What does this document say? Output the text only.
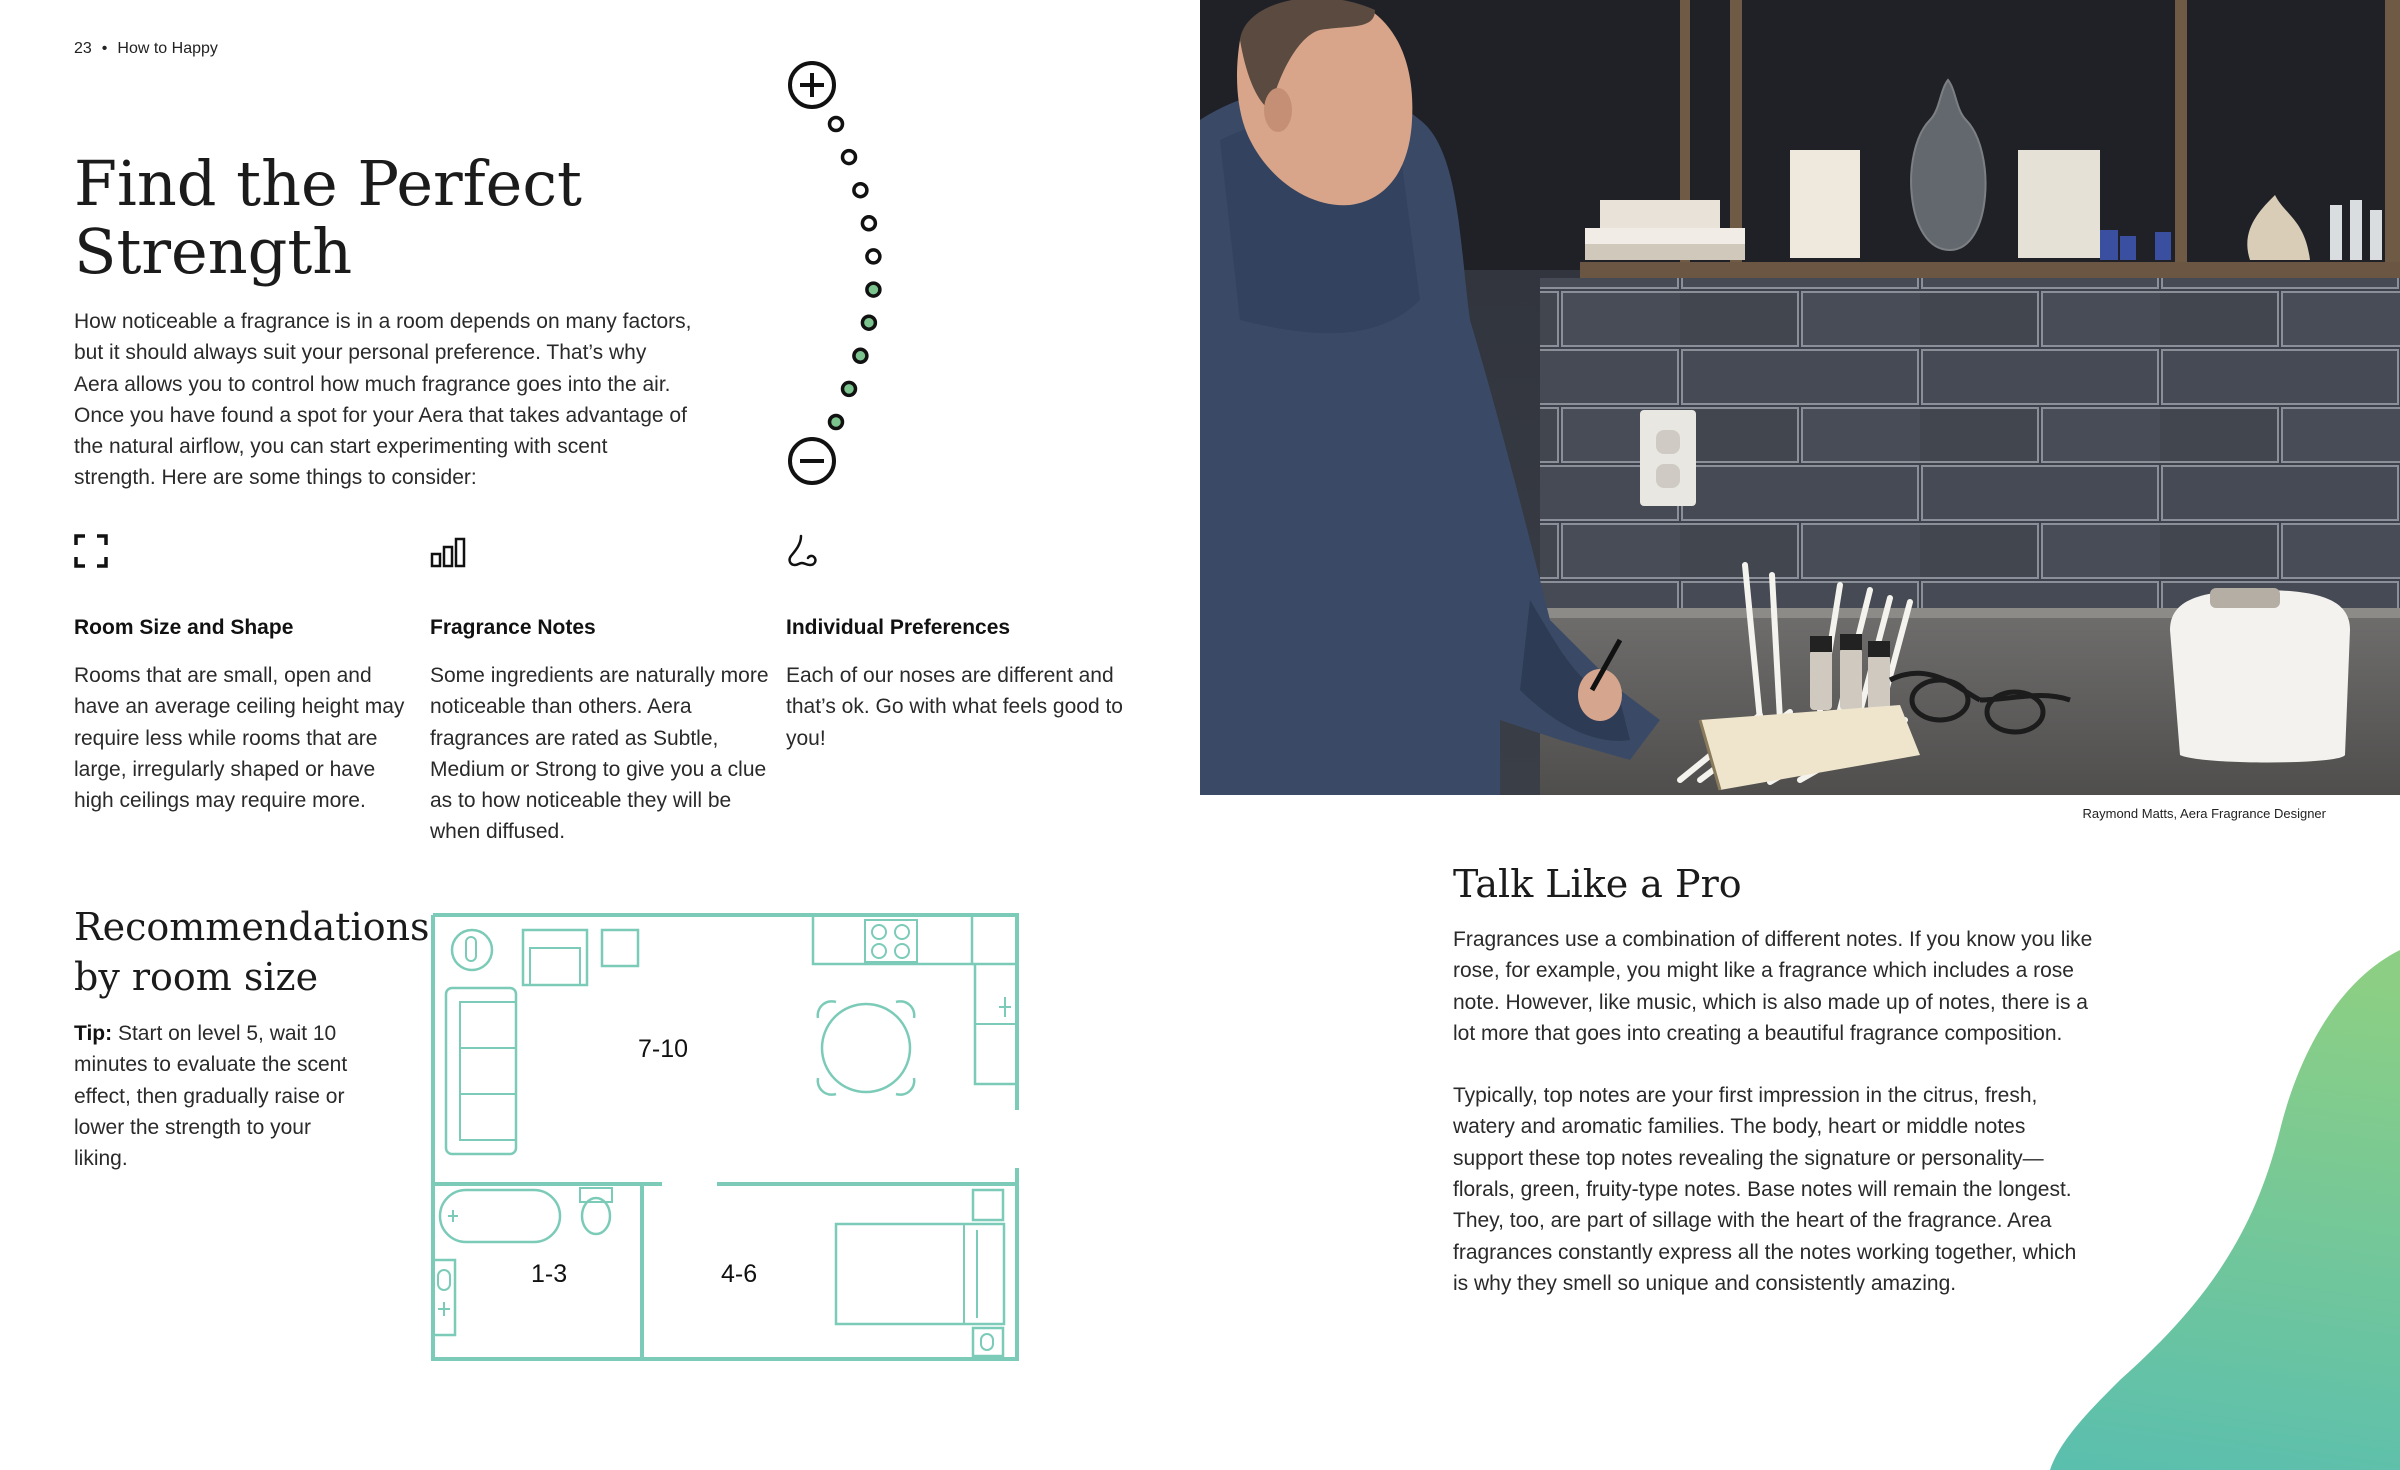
23 • How to Happy
Find the Perfect
Strength

How noticeable a fragrance is in a room depends on many factors, but it should always suit your personal preference. That’s why Aera allows you to control how much fragrance goes into the air. Once you have found a spot for your Aera that takes advantage of the natural airflow, you can start experimenting with scent strength. Here are some things to consider:

Room Size and Shape

Rooms that are small, open and have an average ceiling height may require less while rooms that are large, irregularly shaped or have high ceilings may require more.

Fragrance Notes

Some ingredients are naturally more noticeable than others. Aera fragrances are rated as Subtle, Medium or Strong to give you a clue as to how noticeable they will be when diffused.

Individual Preferences

Each of our noses are different and that’s ok. Go with what feels good to you!

Recommendations
by room size

Tip: Start on level 5, wait 10 minutes to evaluate the scent effect, then gradually raise or lower the strength to your liking.

7-10
1-3	4-6
Raymond Matts, Aera Fragrance Designer
Talk Like a Pro

Fragrances use a combination of different notes. If you know you like rose, for example, you might like a fragrance which includes a rose note. However, like music, which is also made up of notes, there is a lot more that goes into creating a beautiful fragrance composition.

Typically, top notes are your first impression in the citrus, fresh, watery and aromatic families. The body, heart or middle notes support these top notes revealing the signature or personality—florals, green, fruity-type notes. Base notes will remain the longest. They, too, are part of sillage with the heart of the fragrance. Area fragrances constantly express all the notes working together, which is why they smell so unique and consistently amazing.
